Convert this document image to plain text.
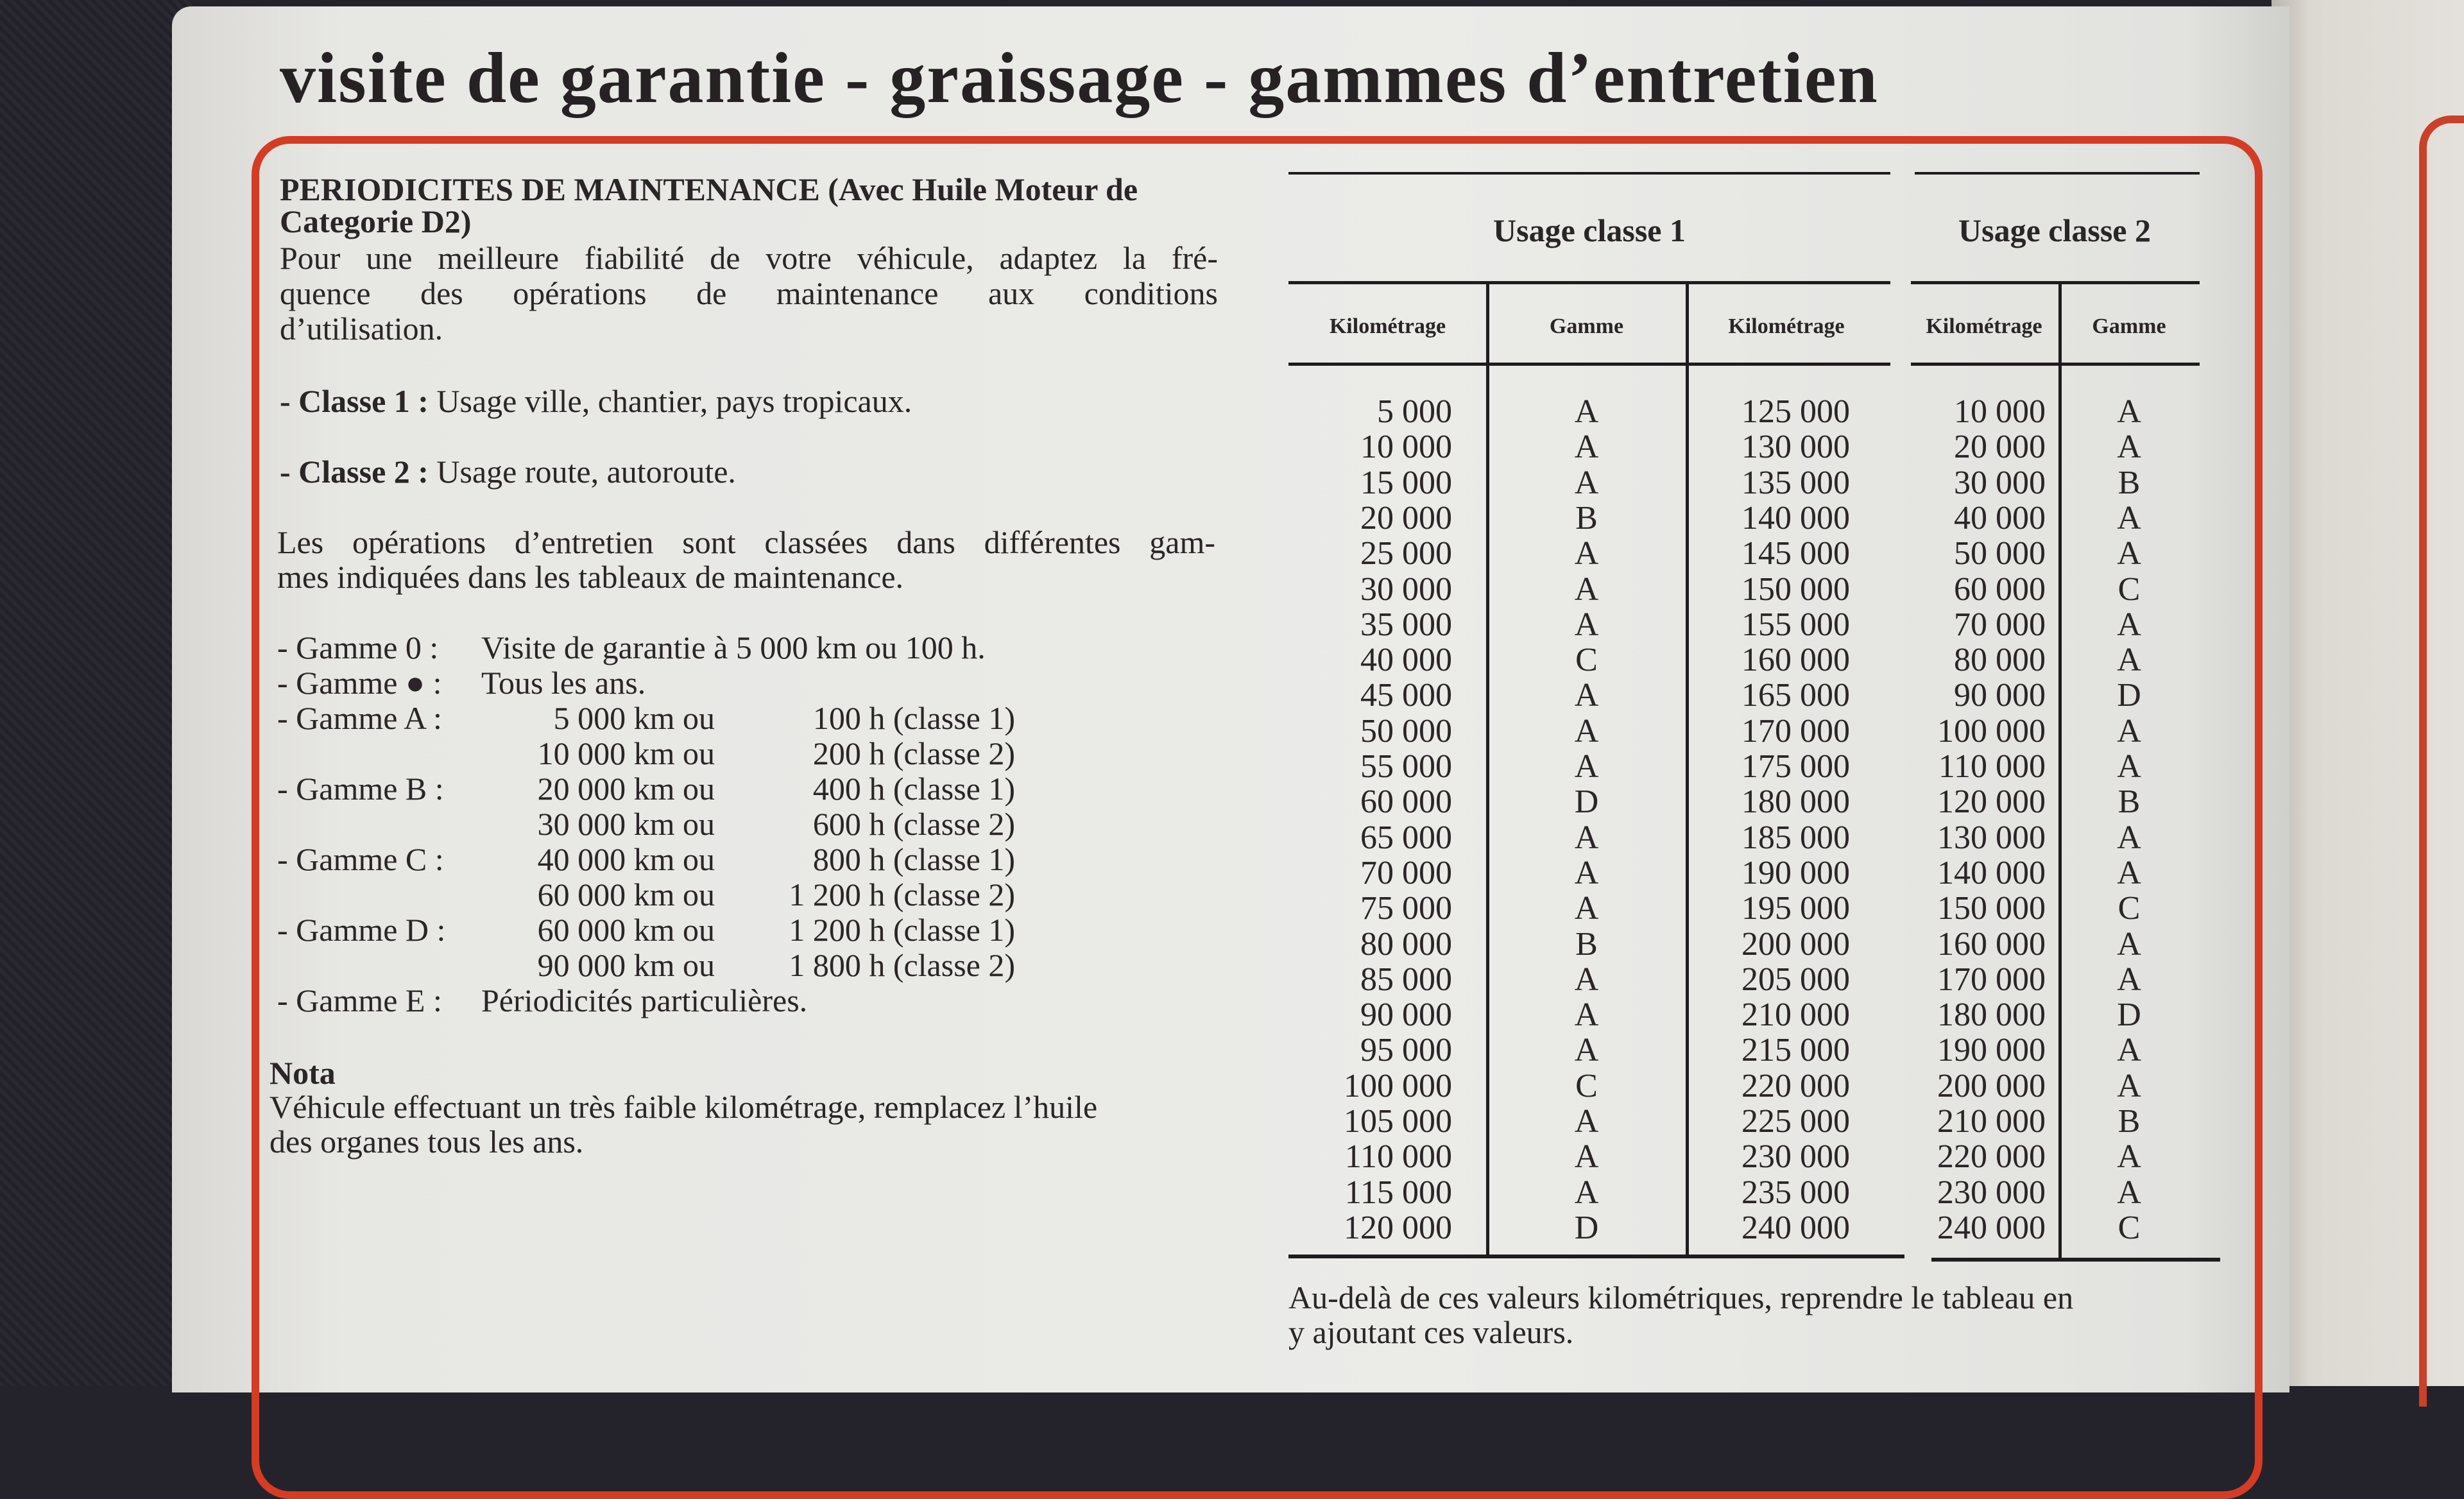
visite de garantie - graissage - gammes d’entretien
PERIODICITES DE MAINTENANCE (Avec Huile Moteur de
Categorie D2)
Pour une meilleure fiabilité de votre véhicule, adaptez la fré-
quence des opérations de maintenance aux conditions
d’utilisation.
- Classe 1 : Usage ville, chantier, pays tropicaux.
- Classe 2 : Usage route, autoroute.
Les opérations d’entretien sont classées dans différentes gam-
mes indiquées dans les tableaux de maintenance.
- Gamme 0 : Visite de garantie à 5 000 km ou 100 h.
- Gamme ● : Tous les ans.
- Gamme A :	5 000 km ou	100 h (classe 1)
10 000 km ou	200 h (classe 2)
- Gamme B :	20 000 km ou	400 h (classe 1)
30 000 km ou	600 h (classe 2)
- Gamme C :	40 000 km ou	800 h (classe 1)
60 000 km ou	1 200 h (classe 2)
- Gamme D :	60 000 km ou	1 200 h (classe 1)
90 000 km ou	1 800 h (classe 2)
- Gamme E : Périodicités particulières.
Nota
Véhicule effectuant un très faible kilométrage, remplacez l’huile
des organes tous les ans.
Usage classe 1	Usage classe 2
Kilométrage	Gamme	Kilométrage	Kilométrage	Gamme
5 000	A	125 000	10 000	A
10 000	A	130 000	20 000	A
15 000	A	135 000	30 000	B
20 000	B	140 000	40 000	A
25 000	A	145 000	50 000	A
30 000	A	150 000	60 000	C
35 000	A	155 000	70 000	A
40 000	C	160 000	80 000	A
45 000	A	165 000	90 000	D
50 000	A	170 000	100 000	A
55 000	A	175 000	110 000	A
60 000	D	180 000	120 000	B
65 000	A	185 000	130 000	A
70 000	A	190 000	140 000	A
75 000	A	195 000	150 000	C
80 000	B	200 000	160 000	A
85 000	A	205 000	170 000	A
90 000	A	210 000	180 000	D
95 000	A	215 000	190 000	A
100 000	C	220 000	200 000	A
105 000	A	225 000	210 000	B
110 000	A	230 000	220 000	A
115 000	A	235 000	230 000	A
120 000	D	240 000	240 000	C
Au-delà de ces valeurs kilométriques, reprendre le tableau en
y ajoutant ces valeurs.
